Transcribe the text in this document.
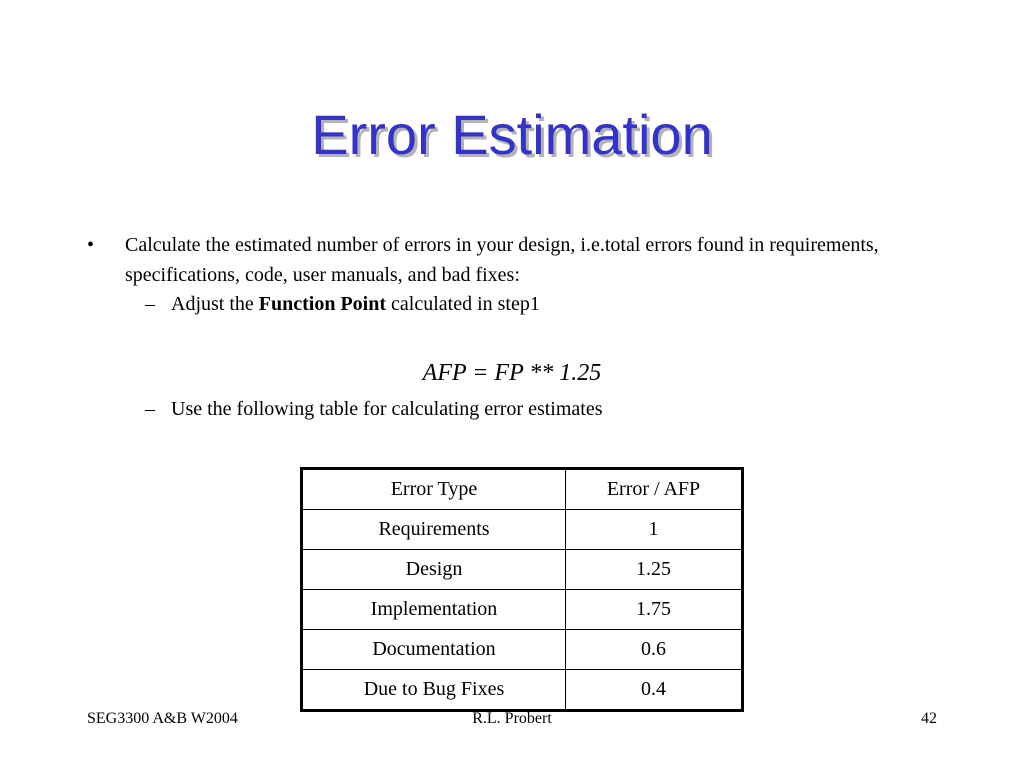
Error Estimation
• Calculate the estimated number of errors in your design, i.e.total errors found in requirements, specifications, code, user manuals, and bad fixes:
– Adjust the Function Point calculated in step1
AFP = FP ** 1.25
– Use the following table for calculating error estimates
Error Type	Error / AFP
Requirements	1
Design	1.25
Implementation	1.75
Documentation	0.6
Due to Bug Fixes	0.4
R.L. Probert
SEG3300 A&B W2004	42
